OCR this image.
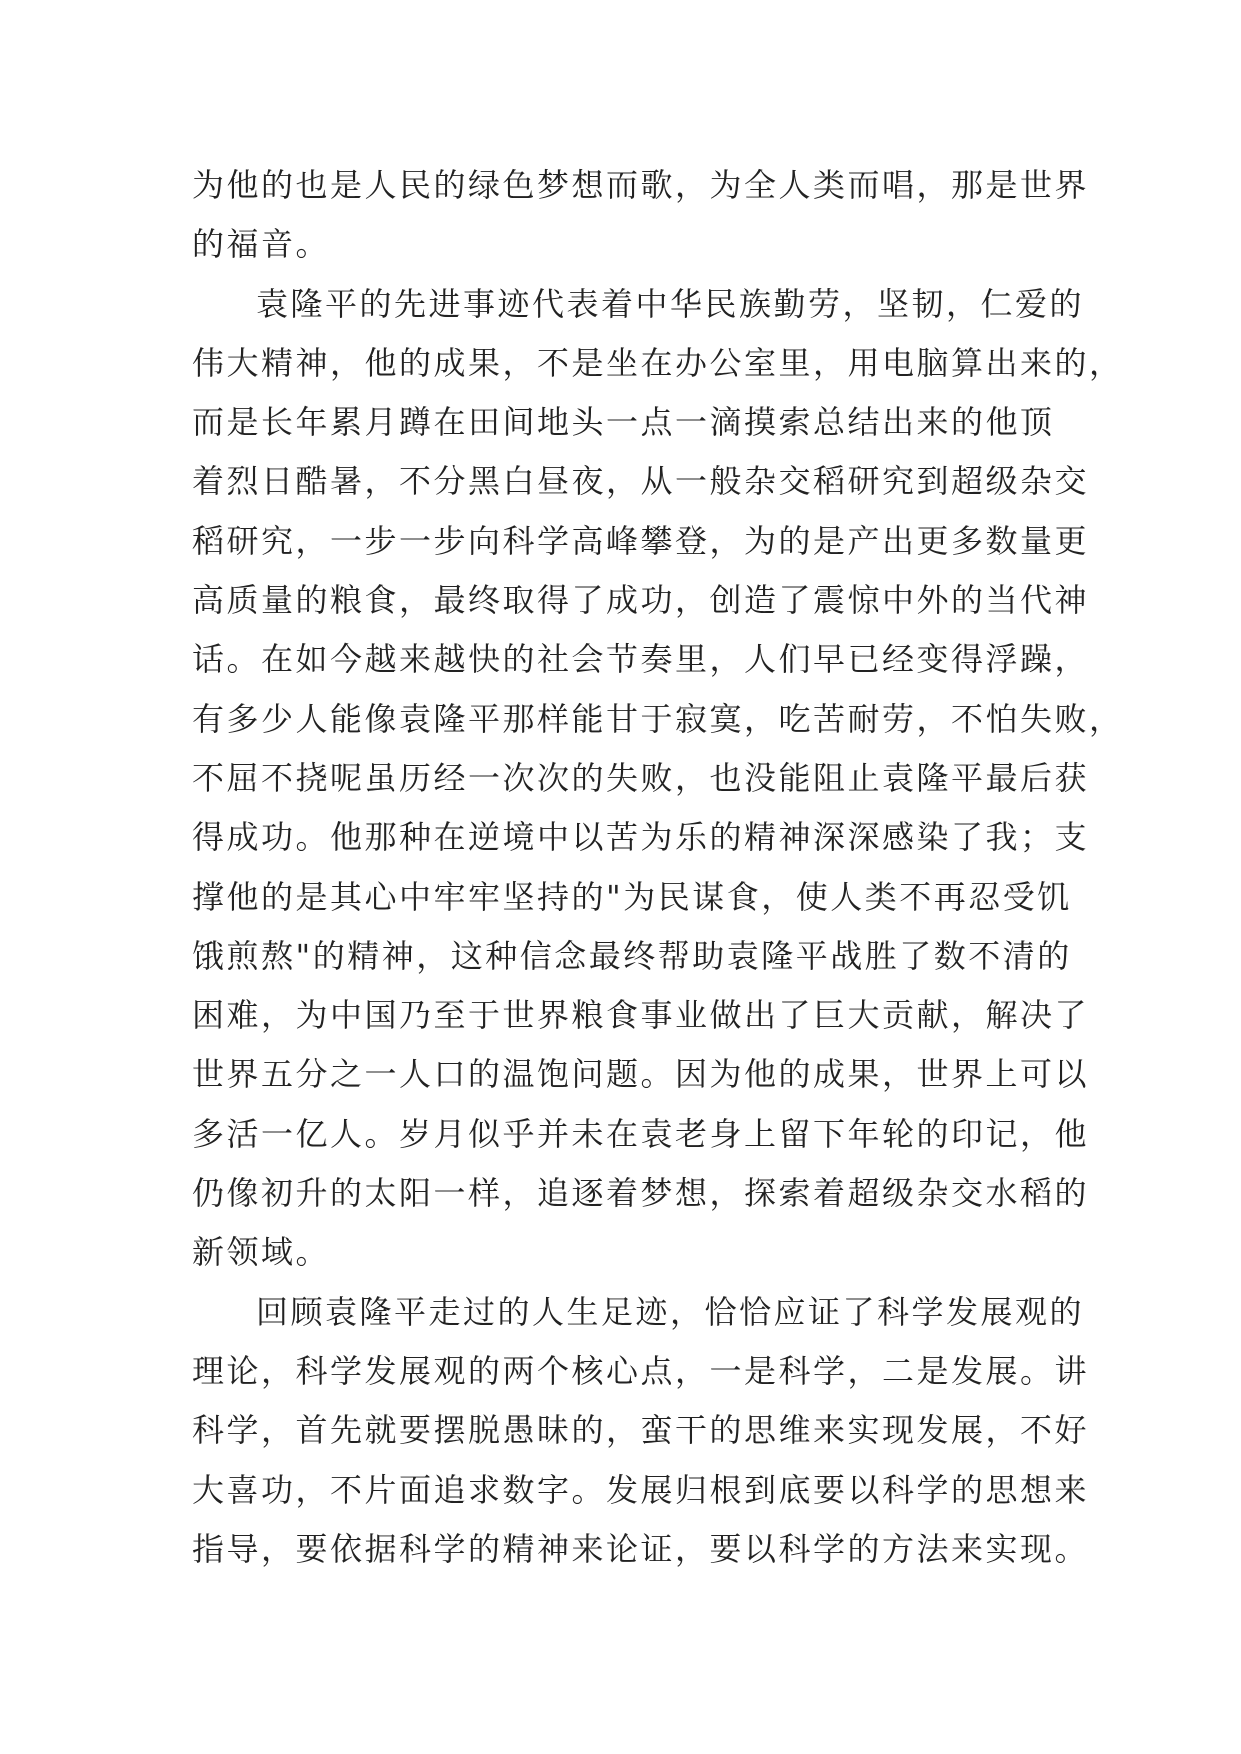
为他的也是人民的绿色梦想而歌，为全人类而唱，那是世界
的福音。
袁隆平的先进事迹代表着中华民族勤劳，坚韧，仁爱的
伟大精神，他的成果，不是坐在办公室里，用电脑算出来的，
而是长年累月蹲在田间地头一点一滴摸索总结出来的他顶
着烈日酷暑，不分黑白昼夜，从一般杂交稻研究到超级杂交
稻研究，一步一步向科学高峰攀登，为的是产出更多数量更
高质量的粮食，最终取得了成功，创造了震惊中外的当代神
话。在如今越来越快的社会节奏里，人们早已经变得浮躁，
有多少人能像袁隆平那样能甘于寂寞，吃苦耐劳，不怕失败，
不屈不挠呢虽历经一次次的失败，也没能阻止袁隆平最后获
得成功。他那种在逆境中以苦为乐的精神深深感染了我；支
撑他的是其心中牢牢坚持的"为民谋食，使人类不再忍受饥
饿煎熬"的精神，这种信念最终帮助袁隆平战胜了数不清的
困难，为中国乃至于世界粮食事业做出了巨大贡献，解决了
世界五分之一人口的温饱问题。因为他的成果，世界上可以
多活一亿人。岁月似乎并未在袁老身上留下年轮的印记，他
仍像初升的太阳一样，追逐着梦想，探索着超级杂交水稻的
新领域。
回顾袁隆平走过的人生足迹，恰恰应证了科学发展观的
理论，科学发展观的两个核心点，一是科学，二是发展。讲
科学，首先就要摆脱愚昧的，蛮干的思维来实现发展，不好
大喜功，不片面追求数字。发展归根到底要以科学的思想来
指导，要依据科学的精神来论证，要以科学的方法来实现。
